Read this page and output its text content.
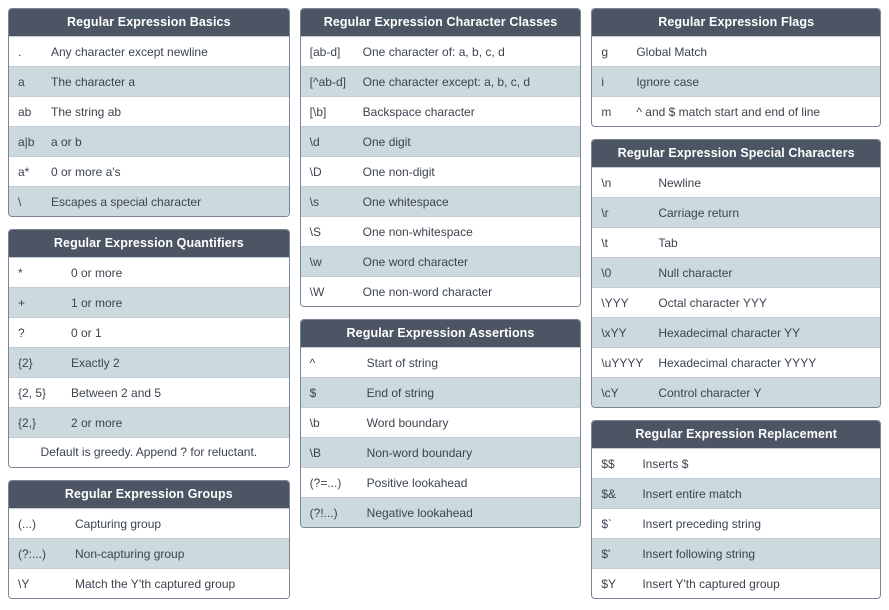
Regular Expression Basics
.	Any character except newline
a	The character a
ab	The string ab
a|b	a or b
a*	0 or more a's
\	Escapes a special character
Regular Expression Quantifiers
*	0 or more
+	1 or more
?	0 or 1
{2}	Exactly 2
{2, 5}	Between 2 and 5
{2,}	2 or more
Default is greedy. Append ? for reluctant.
Regular Expression Groups
(...)	Capturing group
(?:...)	Non-capturing group
\Y	Match the Y'th captured group
Regular Expression Character Classes
[ab-d]	One character of: a, b, c, d
[^ab-d]	One character except: a, b, c, d
[\b]	Backspace character
\d	One digit
\D	One non-digit
\s	One whitespace
\S	One non-whitespace
\w	One word character
\W	One non-word character
Regular Expression Assertions
^	Start of string
$	End of string
\b	Word boundary
\B	Non-word boundary
(?=...)	Positive lookahead
(?!...)	Negative lookahead
Regular Expression Flags
g	Global Match
i	Ignore case
m	^ and $ match start and end of line
Regular Expression Special Characters
\n	Newline
\r	Carriage return
\t	Tab
\0	Null character
\YYY	Octal character YYY
\xYY	Hexadecimal character YY
\uYYYY	Hexadecimal character YYYY
\cY	Control character Y
Regular Expression Replacement
$$	Inserts $
$&	Insert entire match
$`	Insert preceding string
$'	Insert following string
$Y	Insert Y'th captured group
